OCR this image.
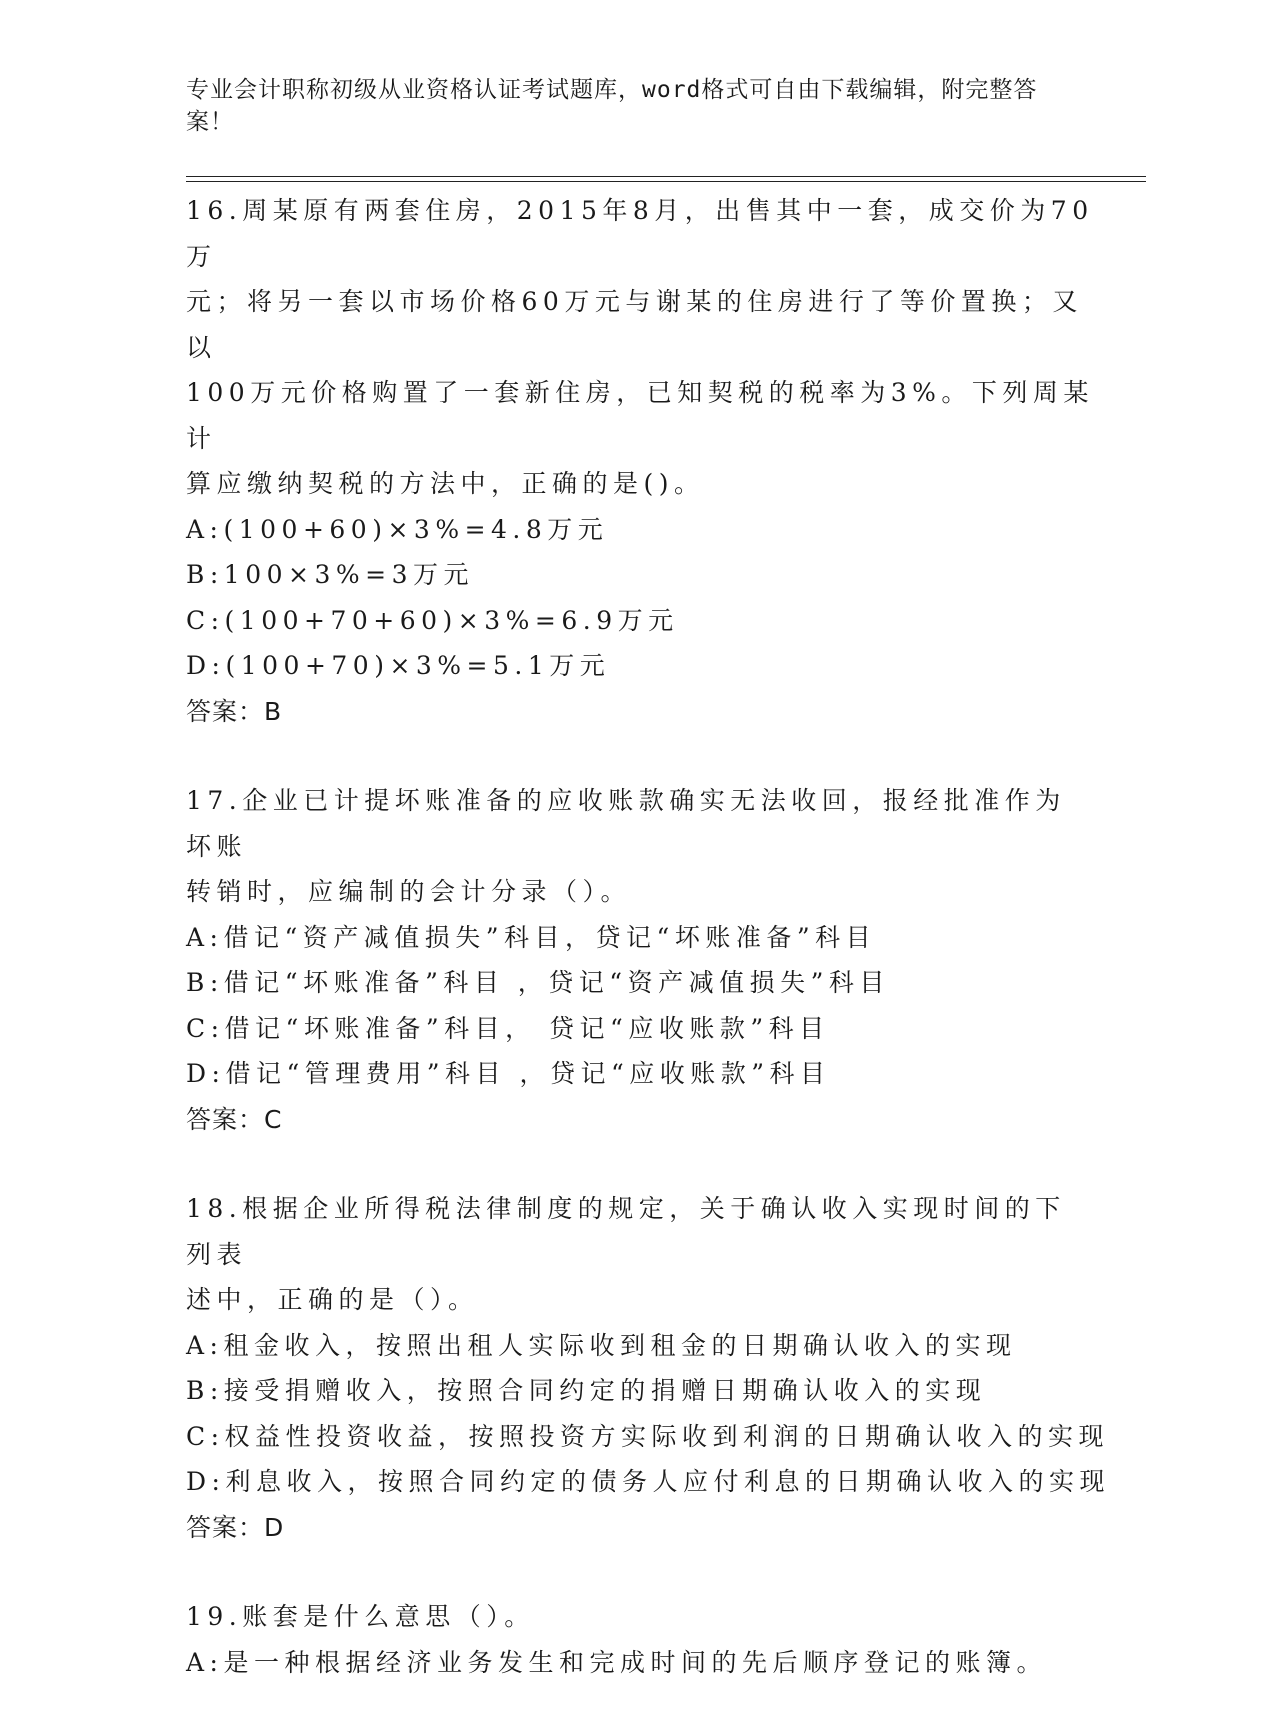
专业会计职称初级从业资格认证考试题库，word格式可自由下载编辑，附完整答
案！
16.周某原有两套住房，2015年8月，出售其中一套，成交价为70万
元；将另一套以市场价格60万元与谢某的住房进行了等价置换；又以
100万元价格购置了一套新住房，已知契税的税率为3%。下列周某计
算应缴纳契税的方法中，正确的是()。
A:(100+60)×3%=4.8万元
B:100×3%=3万元
C:(100+70+60)×3%=6.9万元
D:(100+70)×3%=5.1万元
答案：B
17.企业已计提坏账准备的应收账款确实无法收回，报经批准作为坏账
转销时，应编制的会计分录（）。
A:借记“资产减值损失”科目，贷记“坏账准备”科目
B:借记“坏账准备”科目 ，贷记“资产减值损失”科目
C:借记“坏账准备”科目， 贷记“应收账款”科目
D:借记“管理费用”科目 ，贷记“应收账款”科目
答案：C
18.根据企业所得税法律制度的规定，关于确认收入实现时间的下列表
述中，正确的是（）。
A:租金收入，按照出租人实际收到租金的日期确认收入的实现
B:接受捐赠收入，按照合同约定的捐赠日期确认收入的实现
C:权益性投资收益，按照投资方实际收到利润的日期确认收入的实现
D:利息收入，按照合同约定的债务人应付利息的日期确认收入的实现
答案：D
19.账套是什么意思（）。
A:是一种根据经济业务发生和完成时间的先后顺序登记的账簿。
